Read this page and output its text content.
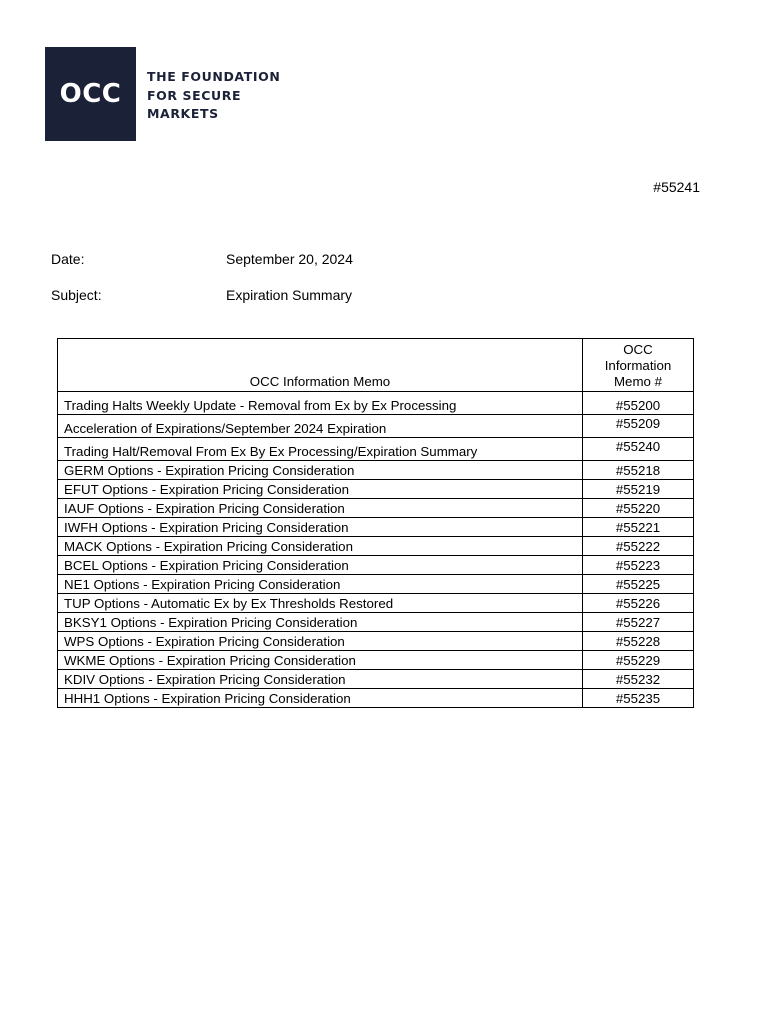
OCC
THE FOUNDATION
FOR SECURE
MARKETS
#55241
Date:	September 20, 2024
Subject:	Expiration Summary
OCC Information Memo	OCC
Information
Memo #
Trading Halts Weekly Update - Removal from Ex by Ex Processing	#55200
Acceleration of Expirations/September 2024 Expiration	#55209
Trading Halt/Removal From Ex By Ex Processing/Expiration Summary	#55240
GERM Options - Expiration Pricing Consideration	#55218
EFUT Options - Expiration Pricing Consideration	#55219
IAUF Options - Expiration Pricing Consideration	#55220
IWFH Options - Expiration Pricing Consideration	#55221
MACK Options - Expiration Pricing Consideration	#55222
BCEL Options - Expiration Pricing Consideration	#55223
NE1 Options - Expiration Pricing Consideration	#55225
TUP Options - Automatic Ex by Ex Thresholds Restored	#55226
BKSY1 Options - Expiration Pricing Consideration	#55227
WPS Options - Expiration Pricing Consideration	#55228
WKME Options - Expiration Pricing Consideration	#55229
KDIV Options - Expiration Pricing Consideration	#55232
HHH1 Options - Expiration Pricing Consideration	#55235
